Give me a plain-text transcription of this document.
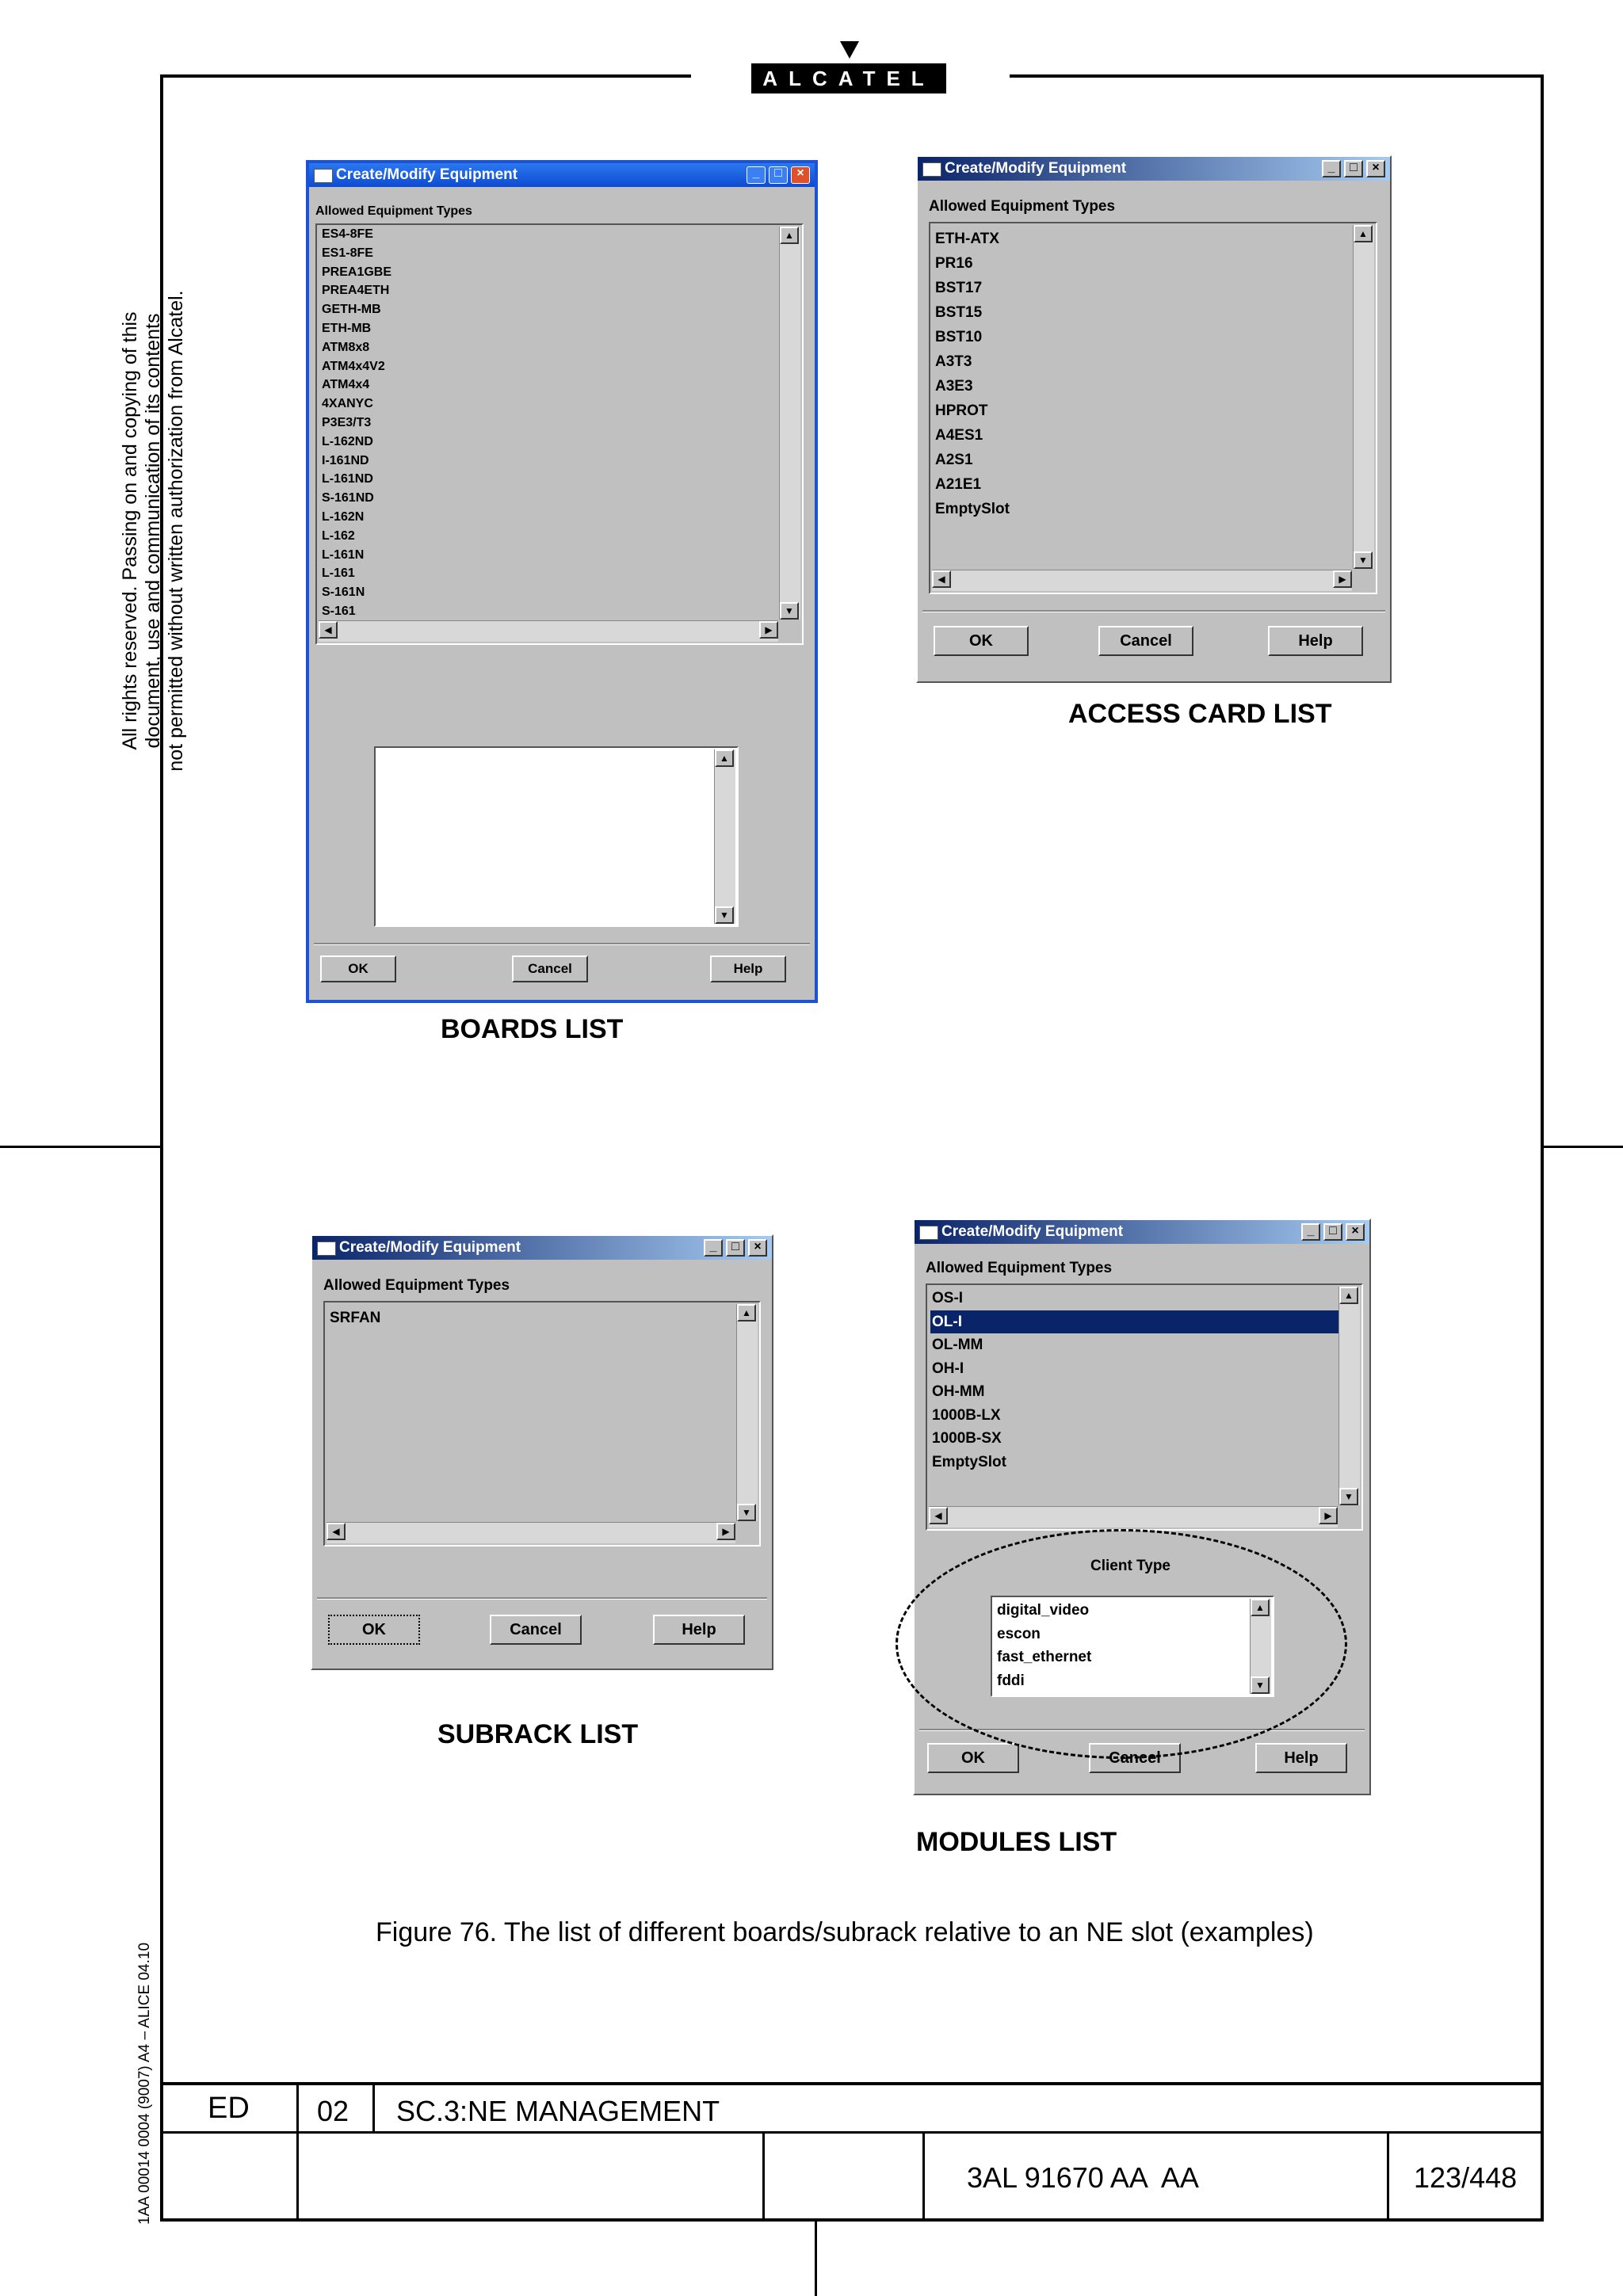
ALCATEL
All rights reserved. Passing on and copying of this document, use and communication of its contents not permitted without written authorization from Alcatel.
1AA 00014 0004 (9007) A4 – ALICE 04.10
Create/Modify Equipment	_	□	×
Allowed Equipment Types
ES4-8FE
ES1-8FE
PREA1GBE
PREA4ETH
GETH-MB
ETH-MB
ATM8x8
ATM4x4V2
ATM4x4
4XANYC
P3E3/T3
L-162ND
I-161ND
L-161ND
S-161ND
L-162N
L-162
L-161N
L-161
S-161N
S-161
▲
▼
◀	▶
▲
▼
OK	Cancel	Help
BOARDS LIST
Create/Modify Equipment	_	□	×
Allowed Equipment Types
ETH-ATX
PR16
BST17
BST15
BST10
A3T3
A3E3
HPROT
A4ES1
A2S1
A21E1
EmptySlot
▲
▼
◀	▶
OK	Cancel	Help
ACCESS CARD LIST
Create/Modify Equipment	_	□	×
Allowed Equipment Types
SRFAN	▲
▼
◀	▶
OK	Cancel	Help
SUBRACK LIST
Create/Modify Equipment	_	□	×
Allowed Equipment Types
OS-I
OL-I
OL-MM
OH-I
OH-MM
1000B-LX
1000B-SX
EmptySlot
▲
▼
◀	▶
Client Type
digital_video
escon
fast_ethernet
fddi
▲
▼
OK	Cancel	Help
MODULES LIST
Figure 76. The list of different boards/subrack relative to an NE slot (examples)
ED 02 SC.3:NE MANAGEMENT
3AL 91670 AA  AA	123/448
